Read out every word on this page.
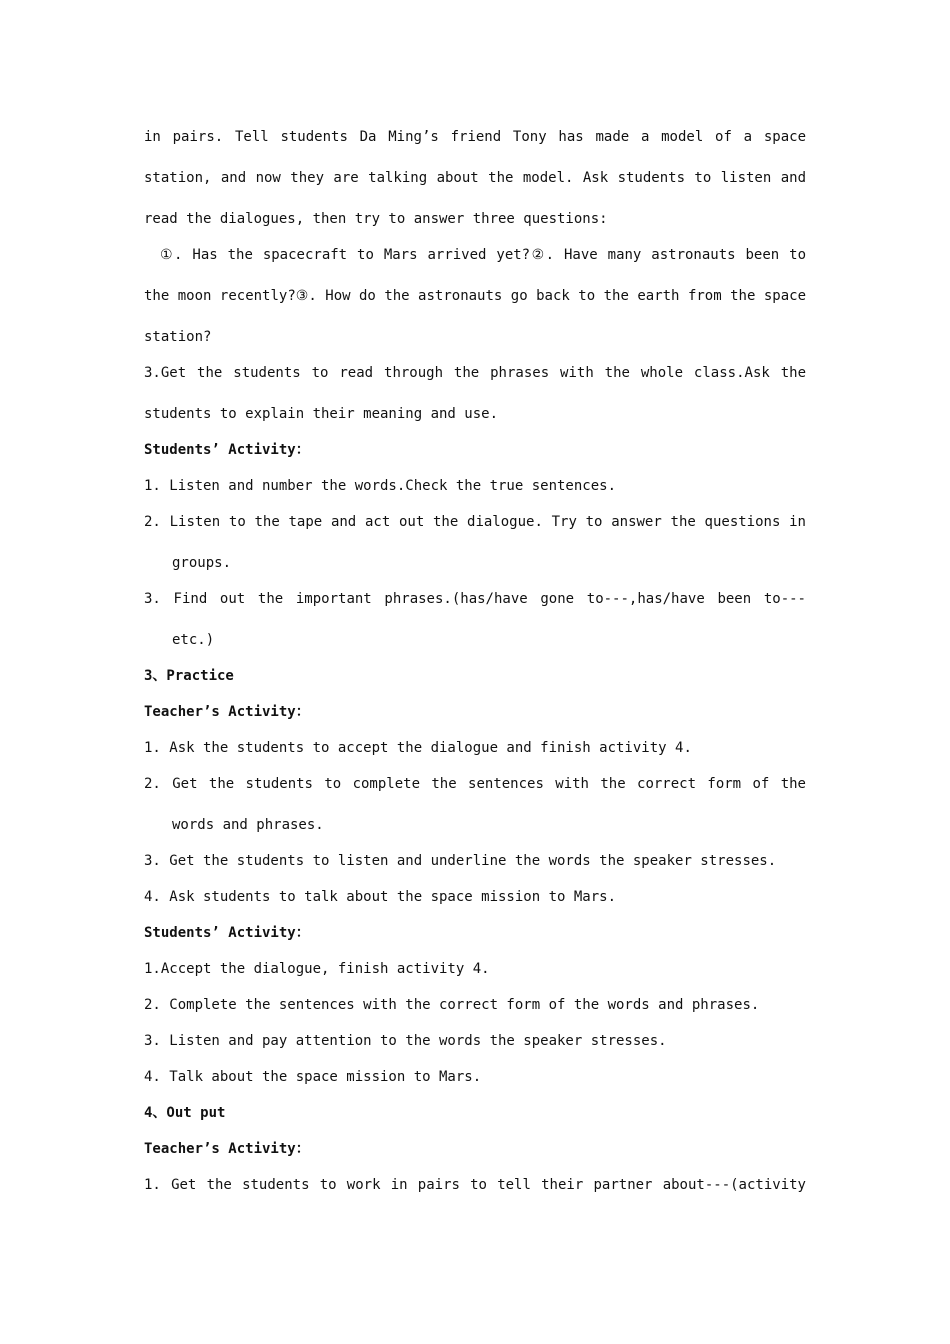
in pairs. Tell students Da Ming’s friend Tony has made a model of a space
station, and now they are talking about the model. Ask students to listen and
read the dialogues, then try to answer three questions:
①. Has the spacecraft to Mars arrived yet?②. Have many astronauts been to
the moon recently?③. How do the astronauts go back to the earth from the space
station?
3.Get the students to read through the phrases with the whole class.Ask the
students to explain their meaning and use.
Students’ Activity：
1. Listen and number the words.Check the true sentences.
2. Listen to the tape and act out the dialogue. Try to answer the questions in
groups.
3. Find out the important phrases.(has/have gone to---,has/have been to---
etc.)
3、Practice
Teacher’s Activity：
1. Ask the students to accept the dialogue and finish activity 4.
2. Get the students to complete the sentences with the correct form of the
words and phrases.
3. Get the students to listen and underline the words the speaker stresses.
4. Ask students to talk about the space mission to Mars.
Students’ Activity：
1.Accept the dialogue, finish activity 4.
2. Complete the sentences with the correct form of the words and phrases.
3. Listen and pay attention to the words the speaker stresses.
4. Talk about the space mission to Mars.
4、Out put
Teacher’s Activity：
1. Get the students to work in pairs to tell their partner about---(activity
